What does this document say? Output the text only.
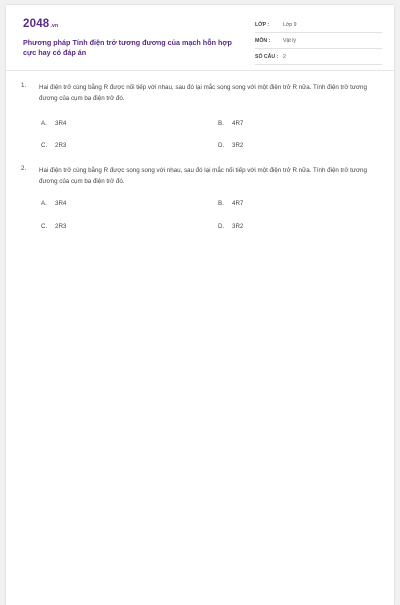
2048.vn
Phương pháp Tính điện trở tương đương của mạch hỗn hợp cực hay có đáp án
LỚP :	Lớp 9
MÔN : Vật lý
SỐ CÂU : 2
1. Hai điện trở cùng bằng R được nối tiếp với nhau, sau đó lại mắc song song với một điện trở R nữa. Tính điện trở tương đương của cụm ba điện trở đó.
A. 3R4	B. 4R7
C. 2R3	D. 3R2
2. Hai điện trở cùng bằng R được song song với nhau, sau đó lại mắc nối tiếp với một điện trở R nữa. Tính điện trở tương đương của cụm ba điện trở đó.
A. 3R4	B. 4R7
C. 2R3	D. 3R2
